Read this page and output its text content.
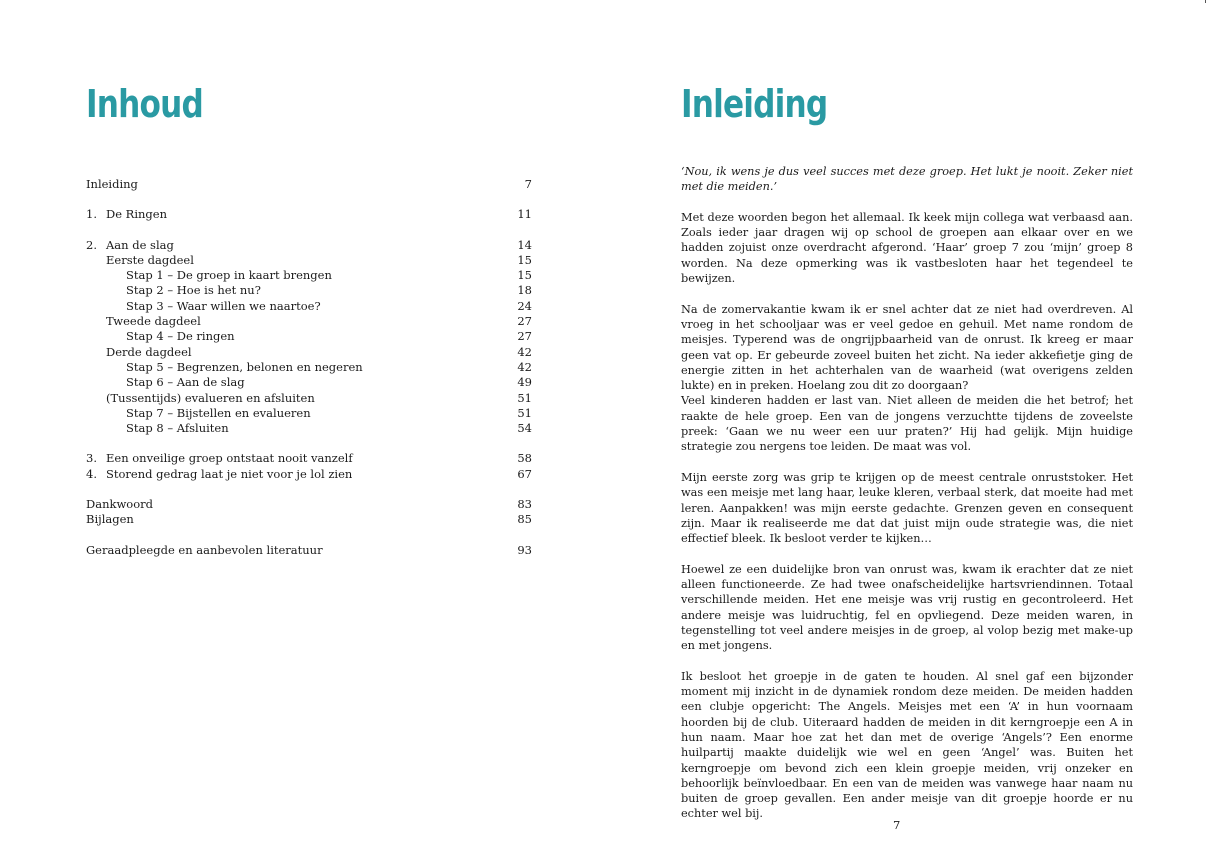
Inhoud
Inleiding	7
1. De Ringen	11
2. Aan de slag	14
Eerste dagdeel	15
Stap 1 – De groep in kaart brengen	15
Stap 2 – Hoe is het nu?	18
Stap 3 – Waar willen we naartoe?	24
Tweede dagdeel	27
Stap 4 – De ringen	27
Derde dagdeel	42
Stap 5 – Begrenzen, belonen en negeren	42
Stap 6 – Aan de slag	49
(Tussentijds) evalueren en afsluiten	51
Stap 7 – Bijstellen en evalueren	51
Stap 8 – Afsluiten	54
3. Een onveilige groep ontstaat nooit vanzelf	58
4. Storend gedrag laat je niet voor je lol zien	67
Dankwoord	83
Bijlagen	85
Geraadpleegde en aanbevolen literatuur	93
Inleiding

‘Nou, ik wens je dus veel succes met deze groep. Het lukt je nooit. Zeker niet met die meiden.’

Met deze woorden begon het allemaal. Ik keek mijn collega wat verbaasd aan. Zoals ieder jaar dragen wij op school de groepen aan elkaar over en we hadden zojuist onze overdracht afgerond. ‘Haar’ groep 7 zou ‘mijn’ groep 8 worden. Na deze opmerking was ik vastbesloten haar het tegendeel te bewijzen.

Na de zomervakantie kwam ik er snel achter dat ze niet had overdreven. Al vroeg in het schooljaar was er veel gedoe en gehuil. Met name rondom de meisjes. Typerend was de ongrijpbaarheid van de onrust. Ik kreeg er maar geen vat op. Er gebeurde zoveel buiten het zicht. Na ieder akkefietje ging de energie zitten in het achterhalen van de waarheid (wat overigens zelden lukte) en in preken. Hoelang zou dit zo doorgaan?

Veel kinderen hadden er last van. Niet alleen de meiden die het betrof; het raakte de hele groep. Een van de jongens verzuchtte tijdens de zoveelste preek: ‘Gaan we nu weer een uur praten?’ Hij had gelijk. Mijn huidige strategie zou nergens toe leiden. De maat was vol.

Mijn eerste zorg was grip te krijgen op de meest centrale onruststoker. Het was een meisje met lang haar, leuke kleren, verbaal sterk, dat moeite had met leren. Aanpakken! was mijn eerste gedachte. Grenzen geven en consequent zijn. Maar ik realiseerde me dat dat juist mijn oude strategie was, die niet effectief bleek. Ik besloot verder te kijken…

Hoewel ze een duidelijke bron van onrust was, kwam ik erachter dat ze niet alleen functioneerde. Ze had twee onafscheidelijke hartsvriendinnen. Totaal verschillende meiden. Het ene meisje was vrij rustig en gecontroleerd. Het andere meisje was luidruchtig, fel en opvliegend. Deze meiden waren, in tegenstelling tot veel andere meisjes in de groep, al volop bezig met make-up en met jongens.

Ik besloot het groepje in de gaten te houden. Al snel gaf een bijzonder moment mij inzicht in de dynamiek rondom deze meiden. De meiden hadden een clubje opgericht: The Angels. Meisjes met een ‘A’ in hun voornaam hoorden bij de club. Uiteraard hadden de meiden in dit kerngroepje een A in hun naam. Maar hoe zat het dan met de overige ‘Angels’? Een enorme huilpartij maakte duidelijk wie wel en geen ‘Angel’ was. Buiten het kerngroepje om bevond zich een klein groepje meiden, vrij onzeker en behoorlijk beïnvloedbaar. En een van de meiden was vanwege haar naam nu buiten de groep gevallen. Een ander meisje van dit groepje hoorde er nu echter wel bij.

7
